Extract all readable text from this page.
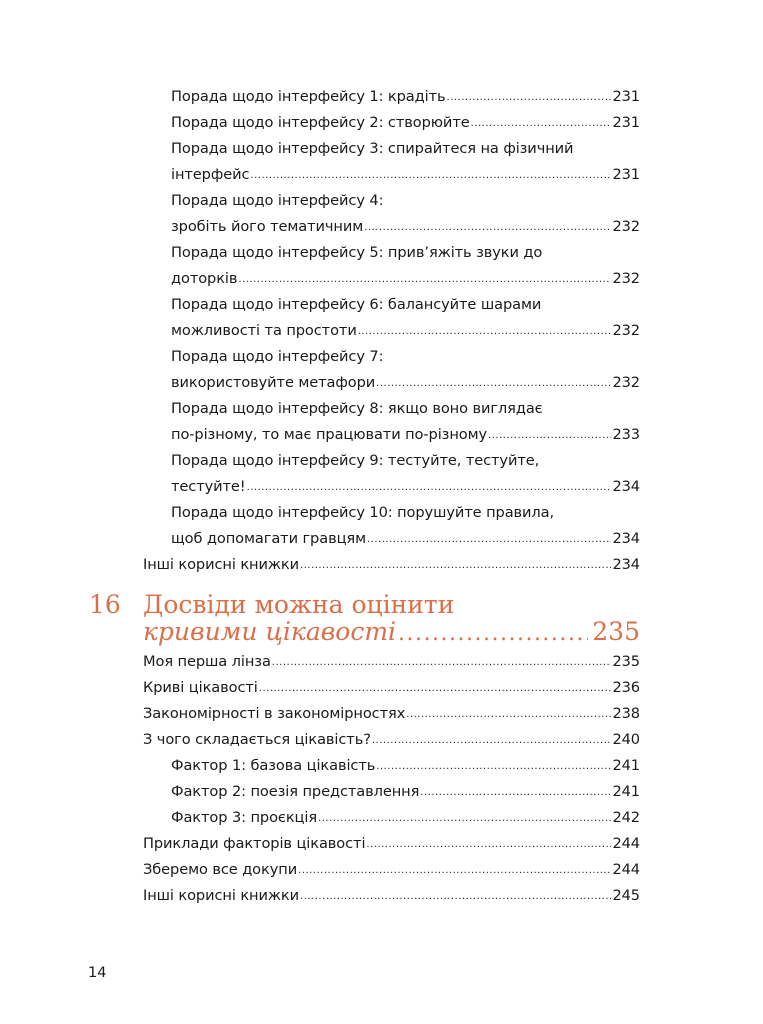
Порада щодо інтерфейсу 1: крадіть .....	231
Порада щодо інтерфейсу 2: створюйте .....	231
Порада щодо інтерфейсу 3: спирайтеся на фізичний
інтерфейс .....	231
Порада щодо інтерфейсу 4:
зробіть його тематичним .....	232
Порада щодо інтерфейсу 5: прив’яжіть звуки до
доторків .....	232
Порада щодо інтерфейсу 6: балансуйте шарами
можливості та простоти .....	232
Порада щодо інтерфейсу 7:
використовуйте метафори .....	232
Порада щодо інтерфейсу 8: якщо воно виглядає
по-різному, то має працювати по-різному .....	233
Порада щодо інтерфейсу 9: тестуйте, тестуйте,
тестуйте! .....	234
Порада щодо інтерфейсу 10: порушуйте правила,
щоб допомагати гравцям .....	234
Інші корисні книжки .....	234
16 Досвіди можна оцінити
кривими цікавості .....	235
Моя перша лінза .....	235
Криві цікавості .....	236
Закономірності в закономірностях .....	238
З чого складається цікавість? .....	240
Фактор 1: базова цікавість .....	241
Фактор 2: поезія представлення .....	241
Фактор 3: проєкція .....	242
Приклади факторів цікавості .....	244
Зберемо все докупи .....	244
Інші корисні книжки .....	245
14
